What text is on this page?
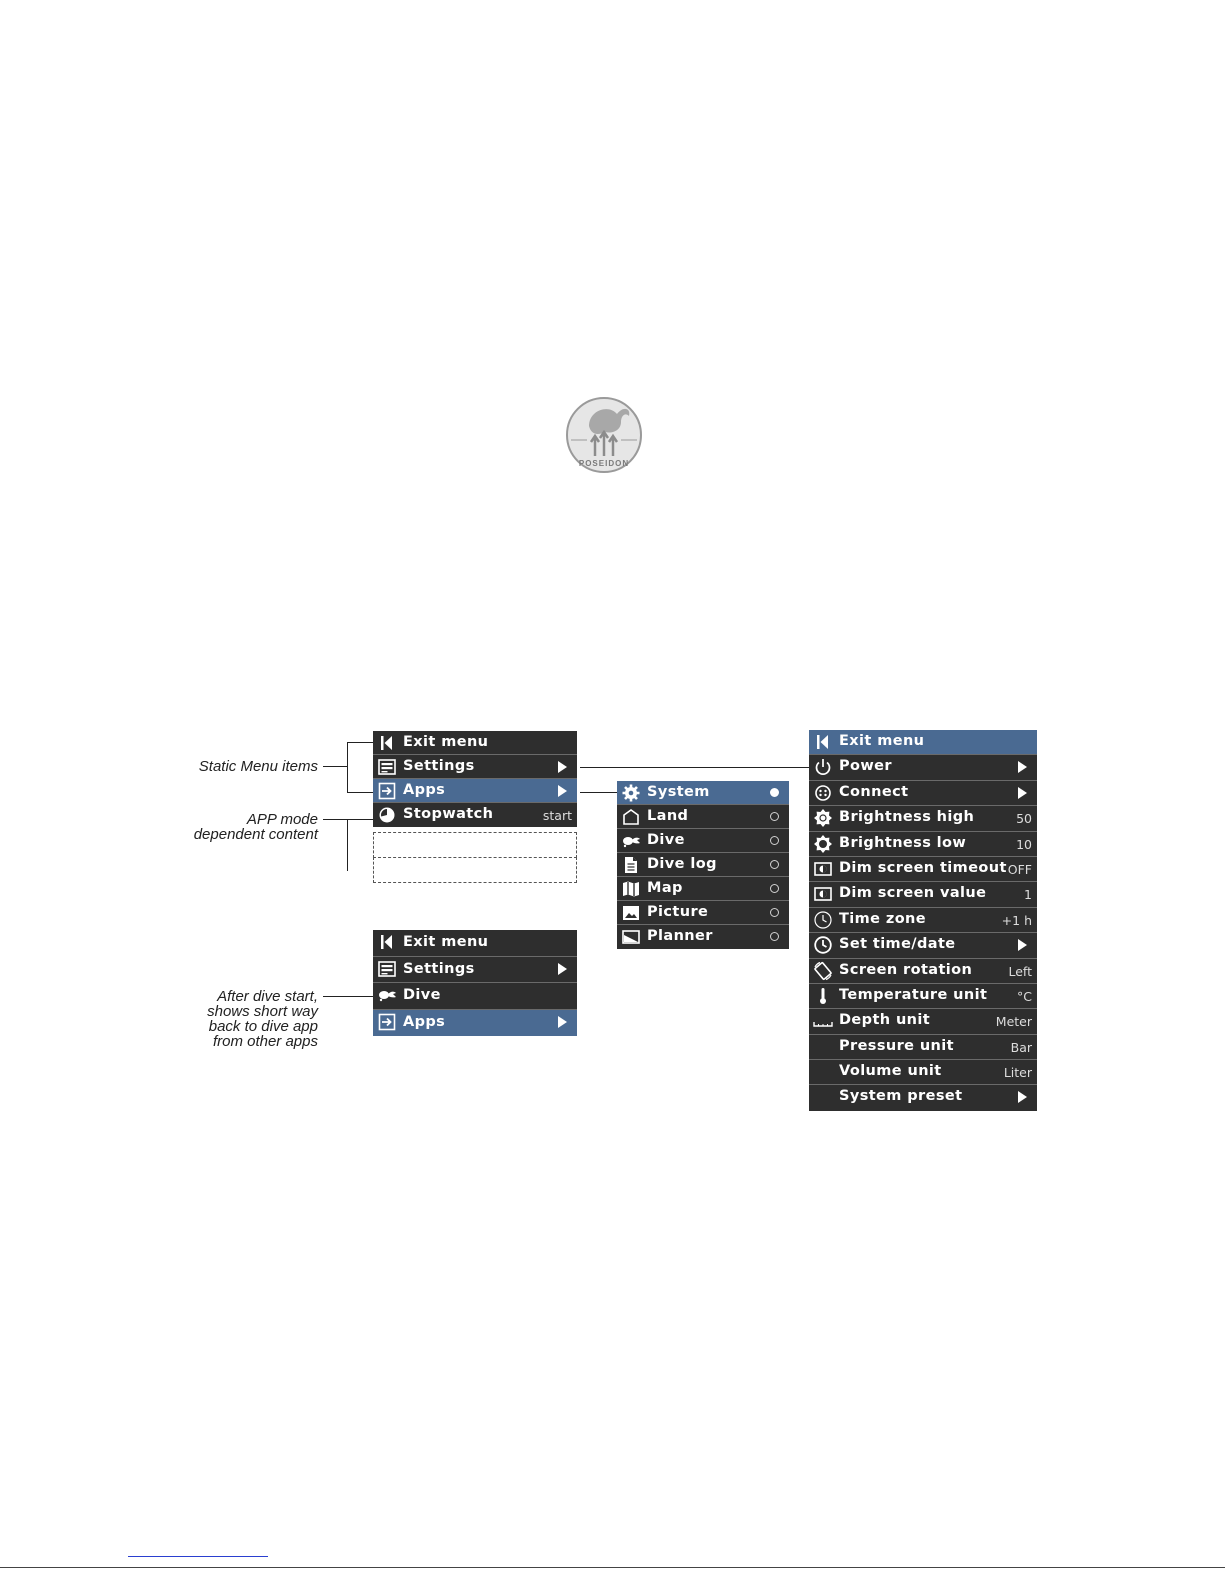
POSEIDON
Static Menu items
APP mode
dependent content
After dive start,
shows short way
back to dive app
from other apps
Exit menu
Settings
Apps
Stopwatch	start
Exit menu
Settings
Dive
Apps
System
Land
Dive
Dive log
Map
Picture
Planner
Exit menu
Power
Connect
Brightness high	50
Brightness low	10
Dim screen timeout OFF
Dim screen value	1
Time zone	+1 h
Set time/date
Screen rotation	Left
Temperature unit °C
Depth unit	Meter
Pressure unit	Bar
Volume unit	Liter
System preset
